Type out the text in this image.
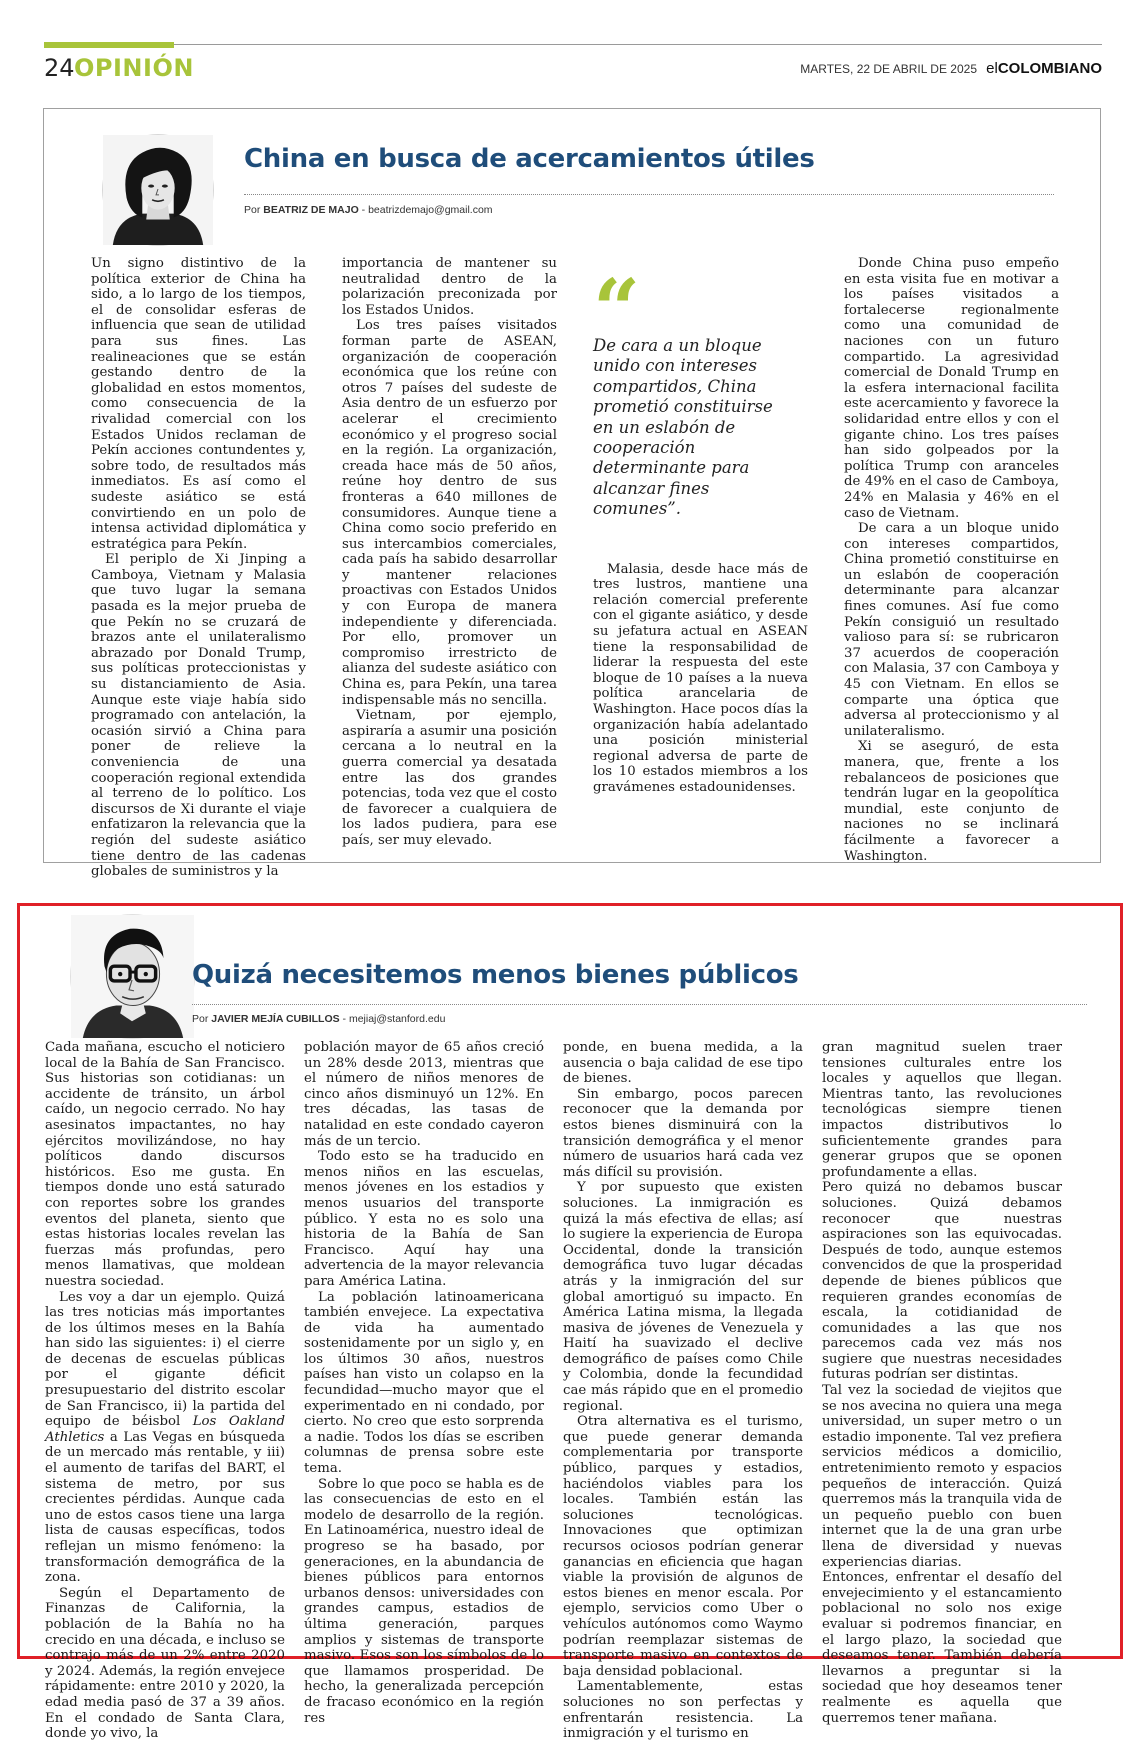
24 OPINIÓN	MARTES, 22 DE ABRIL DE 2025 elCOLOMBIANO
China en busca de acercamientos útiles
Por BEATRIZ DE MAJO - beatrizdemajo@gmail.com

Un signo distintivo de la política exterior de China ha sido, a lo largo de los tiempos, el de consolidar esferas de influencia que sean de utilidad para sus fines. Las realineaciones que se están gestando dentro de la globalidad en estos momentos, como consecuencia de la rivalidad comercial con los Estados Unidos reclaman de Pekín acciones contundentes y, sobre todo, de resultados más inmediatos. Es así como el sudeste asiático se está convirtiendo en un polo de intensa actividad diplomática y estratégica para Pekín.

El periplo de Xi Jinping a Camboya, Vietnam y Malasia que tuvo lugar la semana pasada es la mejor prueba de que Pekín no se cruzará de brazos ante el unilateralismo abrazado por Donald Trump, sus políticas proteccionistas y su distanciamiento de Asia. Aunque este viaje había sido programado con antelación, la ocasión sirvió a China para poner de relieve la conveniencia de una cooperación regional extendida al terreno de lo político. Los discursos de Xi durante el viaje enfatizaron la relevancia que la región del sudeste asiático tiene dentro de las cadenas globales de suministros y la

importancia de mantener su neutralidad dentro de la polarización preconizada por los Estados Unidos.

Los tres países visitados forman parte de ASEAN, organización de cooperación económica que los reúne con otros 7 países del sudeste de Asia dentro de un esfuerzo por acelerar el crecimiento económico y el progreso social en la región. La organización, creada hace más de 50 años, reúne hoy dentro de sus fronteras a 640 millones de consumidores. Aunque tiene a China como socio preferido en sus intercambios comerciales, cada país ha sabido desarrollar y mantener relaciones proactivas con Estados Unidos y con Europa de manera independiente y diferenciada. Por ello, promover un compromiso irrestricto de alianza del sudeste asiático con China es, para Pekín, una tarea indispensable más no sencilla.

Vietnam, por ejemplo, aspiraría a asumir una posición cercana a lo neutral en la guerra comercial ya desatada entre las dos grandes potencias, toda vez que el costo de favorecer a cualquiera de los lados pudiera, para ese país, ser muy elevado.

“
De cara a un bloque unido con intereses compartidos, China prometió constituirse en un eslabón de cooperación determinante para alcanzar fines comunes”.

Malasia, desde hace más de tres lustros, mantiene una relación comercial preferente con el gigante asiático, y desde su jefatura actual en ASEAN tiene la responsabilidad de liderar la respuesta del este bloque de 10 países a la nueva política arancelaria de Washington. Hace pocos días la organización había adelantado una posición ministerial regional adversa de parte de los 10 estados miembros a los gravámenes estadounidenses.

Donde China puso empeño en esta visita fue en motivar a los países visitados a fortalecerse regionalmente como una comunidad de naciones con un futuro compartido. La agresividad comercial de Donald Trump en la esfera internacional facilita este acercamiento y favorece la solidaridad entre ellos y con el gigante chino. Los tres países han sido golpeados por la política Trump con aranceles de 49% en el caso de Camboya, 24% en Malasia y 46% en el caso de Vietnam.

De cara a un bloque unido con intereses compartidos, China prometió constituirse en un eslabón de cooperación determinante para alcanzar fines comunes. Así fue como Pekín consiguió un resultado valioso para sí: se rubricaron 37 acuerdos de cooperación con Malasia, 37 con Camboya y 45 con Vietnam. En ellos se comparte una óptica que adversa al proteccionismo y al unilateralismo.

Xi se aseguró, de esta manera, que, frente a los rebalanceos de posiciones que tendrán lugar en la geopolítica mundial, este conjunto de naciones no se inclinará fácilmente a favorecer a Washington.

Quizá necesitemos menos bienes públicos
Por JAVIER MEJÍA CUBILLOS - mejiaj@stanford.edu

Cada mañana, escucho el noticiero local de la Bahía de San Francisco. Sus historias son cotidianas: un accidente de tránsito, un árbol caído, un negocio cerrado. No hay asesinatos impactantes, no hay ejércitos movilizándose, no hay políticos dando discursos históricos. Eso me gusta. En tiempos donde uno está saturado con reportes sobre los grandes eventos del planeta, siento que estas historias locales revelan las fuerzas más profundas, pero menos llamativas, que moldean nuestra sociedad.

Les voy a dar un ejemplo. Quizá las tres noticias más importantes de los últimos meses en la Bahía han sido las siguientes: i) el cierre de decenas de escuelas públicas por el gigante déficit presupuestario del distrito escolar de San Francisco, ii) la partida del equipo de béisbol Los Oakland Athletics a Las Vegas en búsqueda de un mercado más rentable, y iii) el aumento de tarifas del BART, el sistema de metro, por sus crecientes pérdidas. Aunque cada uno de estos casos tiene una larga lista de causas específicas, todos reflejan un mismo fenómeno: la transformación demográfica de la zona.

Según el Departamento de Finanzas de California, la población de la Bahía no ha crecido en una década, e incluso se contrajo más de un 2% entre 2020 y 2024. Además, la región envejece rápidamente: entre 2010 y 2020, la edad media pasó de 37 a 39 años. En el condado de Santa Clara, donde yo vivo, la

población mayor de 65 años creció un 28% desde 2013, mientras que el número de niños menores de cinco años disminuyó un 12%. En tres décadas, las tasas de natalidad en este condado cayeron más de un tercio.

Todo esto se ha traducido en menos niños en las escuelas, menos jóvenes en los estadios y menos usuarios del transporte público. Y esta no es solo una historia de la Bahía de San Francisco. Aquí hay una advertencia de la mayor relevancia para América Latina.

La población latinoamericana también envejece. La expectativa de vida ha aumentado sostenidamente por un siglo y, en los últimos 30 años, nuestros países han visto un colapso en la fecundidad—mucho mayor que el experimentado en ni condado, por cierto. No creo que esto sorprenda a nadie. Todos los días se escriben columnas de prensa sobre este tema.

Sobre lo que poco se habla es de las consecuencias de esto en el modelo de desarrollo de la región. En Latinoamérica, nuestro ideal de progreso se ha basado, por generaciones, en la abundancia de bienes públicos para entornos urbanos densos: universidades con grandes campus, estadios de última generación, parques amplios y sistemas de transporte masivo. Esos son los símbolos de lo que llamamos prosperidad. De hecho, la generalizada percepción de fracaso económico en la región res

ponde, en buena medida, a la ausencia o baja calidad de ese tipo de bienes.

Sin embargo, pocos parecen reconocer que la demanda por estos bienes disminuirá con la transición demográfica y el menor número de usuarios hará cada vez más difícil su provisión.

Y por supuesto que existen soluciones. La inmigración es quizá la más efectiva de ellas; así lo sugiere la experiencia de Europa Occidental, donde la transición demográfica tuvo lugar décadas atrás y la inmigración del sur global amortiguó su impacto. En América Latina misma, la llegada masiva de jóvenes de Venezuela y Haití ha suavizado el declive demográfico de países como Chile y Colombia, donde la fecundidad cae más rápido que en el promedio regional.

Otra alternativa es el turismo, que puede generar demanda complementaria por transporte público, parques y estadios, haciéndolos viables para los locales. También están las soluciones tecnológicas. Innovaciones que optimizan recursos ociosos podrían generar ganancias en eficiencia que hagan viable la provisión de algunos de estos bienes en menor escala. Por ejemplo, servicios como Uber o vehículos autónomos como Waymo podrían reemplazar sistemas de transporte masivo en contextos de baja densidad poblacional.

Lamentablemente, estas soluciones no son perfectas y enfrentarán resistencia. La inmigración y el turismo en

gran magnitud suelen traer tensiones culturales entre los locales y aquellos que llegan. Mientras tanto, las revoluciones tecnológicas siempre tienen impactos distributivos lo suficientemente grandes para generar grupos que se oponen profundamente a ellas.

Pero quizá no debamos buscar soluciones. Quizá debamos reconocer que nuestras aspiraciones son las equivocadas. Después de todo, aunque estemos convencidos de que la prosperidad depende de bienes públicos que requieren grandes economías de escala, la cotidianidad de comunidades a las que nos parecemos cada vez más nos sugiere que nuestras necesidades futuras podrían ser distintas.

Tal vez la sociedad de viejitos que se nos avecina no quiera una mega universidad, un super metro o un estadio imponente. Tal vez prefiera servicios médicos a domicilio, entretenimiento remoto y espacios pequeños de interacción. Quizá querremos más la tranquila vida de un pequeño pueblo con buen internet que la de una gran urbe llena de diversidad y nuevas experiencias diarias.

Entonces, enfrentar el desafío del envejecimiento y el estancamiento poblacional no solo nos exige evaluar si podremos financiar, en el largo plazo, la sociedad que deseamos tener. También debería llevarnos a preguntar si la sociedad que hoy deseamos tener realmente es aquella que querremos tener mañana.
